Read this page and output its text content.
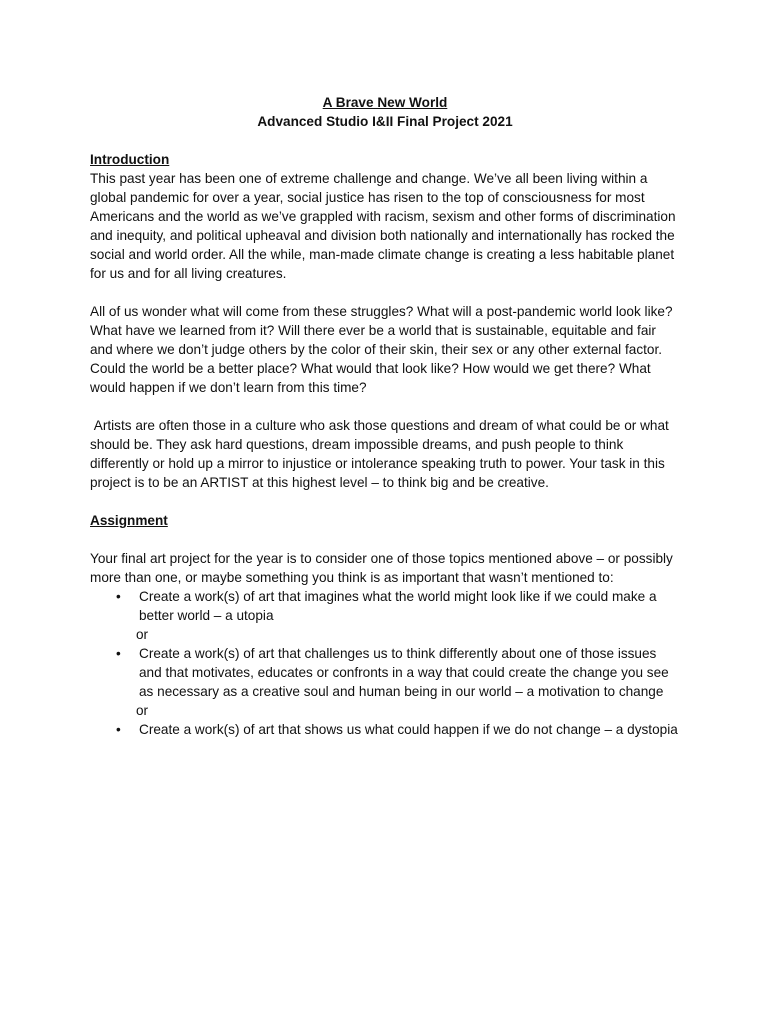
A Brave New World

Advanced Studio I&II Final Project 2021

Introduction

This past year has been one of extreme challenge and change. We’ve all been living within a global pandemic for over a year, social justice has risen to the top of consciousness for most Americans and the world as we’ve grappled with racism, sexism and other forms of discrimination and inequity, and political upheaval and division both nationally and internationally has rocked the social and world order. All the while, man-made climate change is creating a less habitable planet for us and for all living creatures.

All of us wonder what will come from these struggles? What will a post-pandemic world look like? What have we learned from it? Will there ever be a world that is sustainable, equitable and fair and where we don’t judge others by the color of their skin, their sex or any other external factor. Could the world be a better place? What would that look like? How would we get there? What would happen if we don’t learn from this time?

Artists are often those in a culture who ask those questions and dream of what could be or what should be. They ask hard questions, dream impossible dreams, and push people to think differently or hold up a mirror to injustice or intolerance speaking truth to power. Your task in this project is to be an ARTIST at this highest level – to think big and be creative.

Assignment

Your final art project for the year is to consider one of those topics mentioned above – or possibly more than one, or maybe something you think is as important that wasn’t mentioned to:

• Create a work(s) of art that imagines what the world might look like if we could make a better world – a utopia
or
• Create a work(s) of art that challenges us to think differently about one of those issues and that motivates, educates or confronts in a way that could create the change you see as necessary as a creative soul and human being in our world – a motivation to change
or
• Create a work(s) of art that shows us what could happen if we do not change – a dystopia
